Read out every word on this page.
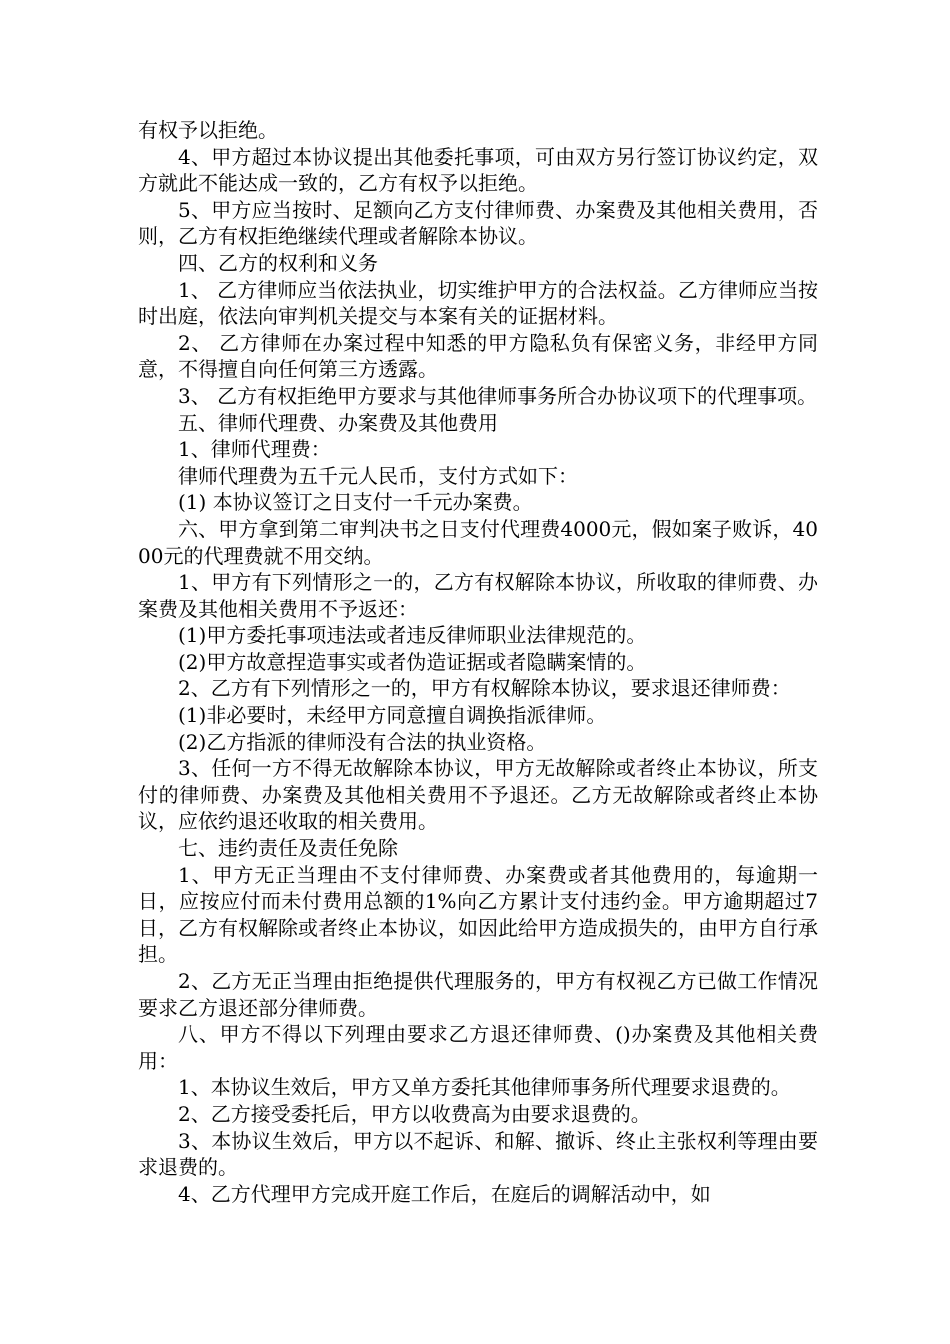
有权予以拒绝。

4、甲方超过本协议提出其他委托事项，可由双方另行签订协议约定，双方就此不能达成一致的，乙方有权予以拒绝。

5、甲方应当按时、足额向乙方支付律师费、办案费及其他相关费用，否则，乙方有权拒绝继续代理或者解除本协议。

四、乙方的权利和义务

1、 乙方律师应当依法执业，切实维护甲方的合法权益。乙方律师应当按时出庭，依法向审判机关提交与本案有关的证据材料。

2、 乙方律师在办案过程中知悉的甲方隐私负有保密义务，非经甲方同意，不得擅自向任何第三方透露。

3、 乙方有权拒绝甲方要求与其他律师事务所合办协议项下的代理事项。

五、律师代理费、办案费及其他费用

1、律师代理费：

律师代理费为五千元人民币，支付方式如下：

(1) 本协议签订之日支付一千元办案费。

六、甲方拿到第二审判决书之日支付代理费4000元，假如案子败诉，4000元的代理费就不用交纳。

1、甲方有下列情形之一的，乙方有权解除本协议，所收取的律师费、办案费及其他相关费用不予返还：

(1)甲方委托事项违法或者违反律师职业法律规范的。

(2)甲方故意捏造事实或者伪造证据或者隐瞒案情的。

2、乙方有下列情形之一的，甲方有权解除本协议，要求退还律师费：

(1)非必要时，未经甲方同意擅自调换指派律师。

(2)乙方指派的律师没有合法的执业资格。

3、任何一方不得无故解除本协议，甲方无故解除或者终止本协议，所支付的律师费、办案费及其他相关费用不予退还。乙方无故解除或者终止本协议，应依约退还收取的相关费用。

七、违约责任及责任免除

1、甲方无正当理由不支付律师费、办案费或者其他费用的，每逾期一日，应按应付而未付费用总额的1%向乙方累计支付违约金。甲方逾期超过7日，乙方有权解除或者终止本协议，如因此给甲方造成损失的，由甲方自行承担。

2、乙方无正当理由拒绝提供代理服务的，甲方有权视乙方已做工作情况要求乙方退还部分律师费。

八、甲方不得以下列理由要求乙方退还律师费、()办案费及其他相关费用：

1、本协议生效后，甲方又单方委托其他律师事务所代理要求退费的。

2、乙方接受委托后，甲方以收费高为由要求退费的。

3、本协议生效后，甲方以不起诉、和解、撤诉、终止主张权利等理由要求退费的。

4、乙方代理甲方完成开庭工作后，在庭后的调解活动中，如
